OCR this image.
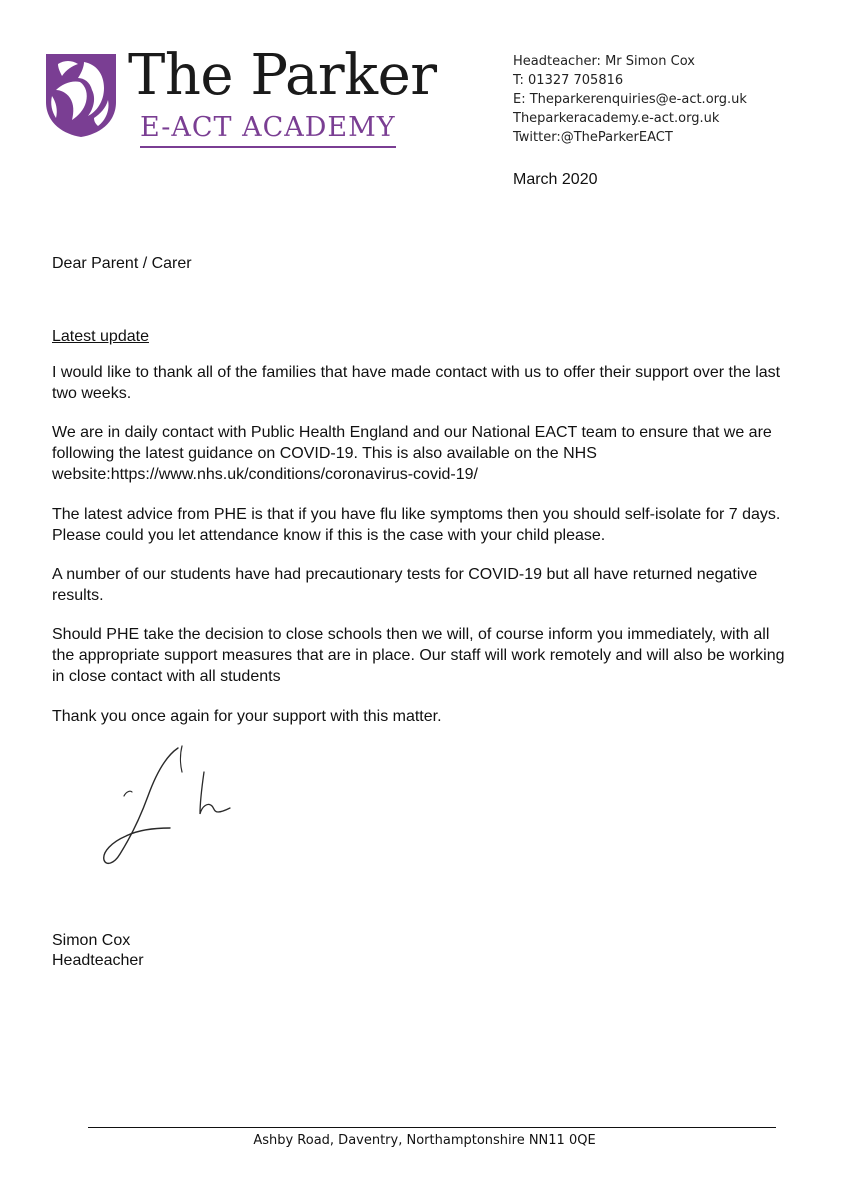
The Parker
E-ACT ACADEMY
Headteacher: Mr Simon Cox
T: 01327 705816
E: Theparkerenquiries@e-act.org.uk
Theparkeracademy.e-act.org.uk
Twitter:@TheParkerEACT
March 2020

Dear Parent / Carer

Latest update

I would like to thank all of the families that have made contact with us to offer their support over the last two weeks.

We are in daily contact with Public Health England and our National EACT team to ensure that we are following the latest guidance on COVID-19. This is also available on the NHS website:https://www.nhs.uk/conditions/coronavirus-covid-19/

The latest advice from PHE is that if you have flu like symptoms then you should self-isolate for 7 days. Please could you let attendance know if this is the case with your child please.

A number of our students have had precautionary tests for COVID-19 but all have returned negative results.

Should PHE take the decision to close schools then we will, of course inform you immediately, with all the appropriate support measures that are in place. Our staff will work remotely and will also be working in close contact with all students

Thank you once again for your support with this matter.

Simon Cox
Headteacher
Ashby Road, Daventry, Northamptonshire NN11 0QE
